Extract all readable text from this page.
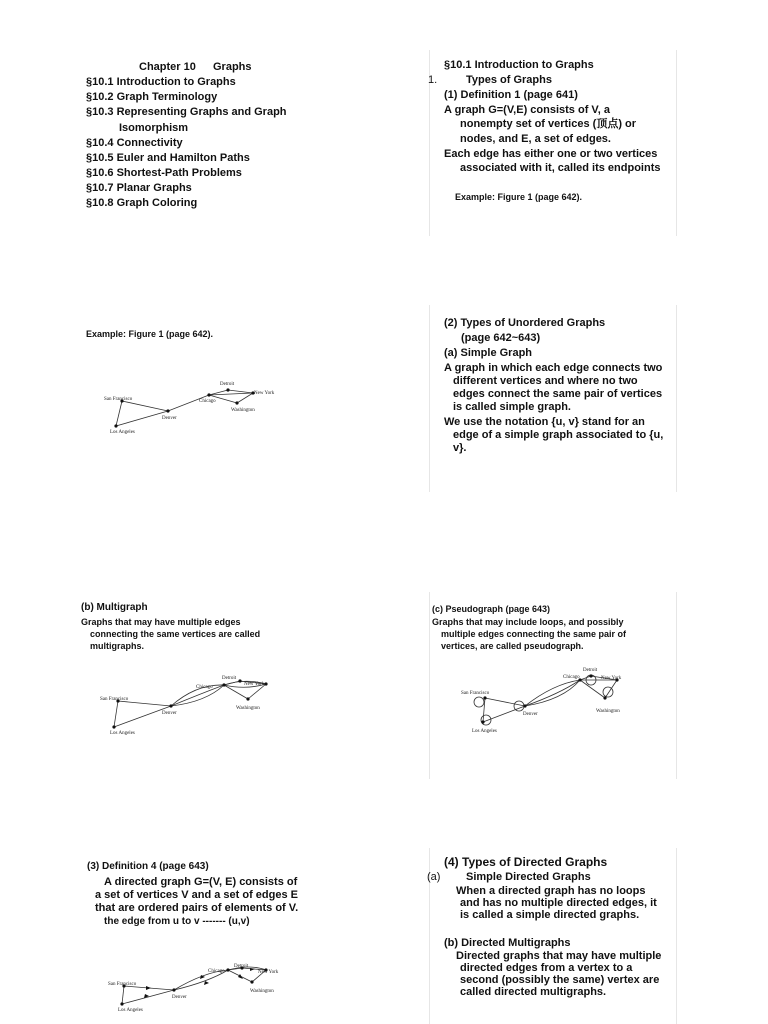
Chapter 10 Graphs
§10.1 Introduction to Graphs
§10.2 Graph Terminology
§10.3 Representing Graphs and Graph
Isomorphism
§10.4 Connectivity
§10.5 Euler and Hamilton Paths
§10.6 Shortest-Path Problems
§10.7 Planar Graphs
§10.8 Graph Coloring
§10.1 Introduction to Graphs
1.	Types of Graphs
(1) Definition 1 (page 641)
A graph G=(V,E) consists of V, a
nonempty set of vertices (顶点) or
nodes, and E, a set of edges.
Each edge has either one or two vertices
associated with it, called its endpoints
Example: Figure 1 (page 642).
Example: Figure 1 (page 642).
San Francisco
Los Angeles
Denver
Chicago
Detroit
New York
Washington
(2) Types of Unordered Graphs
(page 642~643)
(a) Simple Graph
A graph in which each edge connects two
different vertices and where no two
edges connect the same pair of vertices
is called simple graph.
We use the notation {u, v} stand for an
edge of a simple graph associated to {u,
v}.
(b) Multigraph
Graphs that may have multiple edges
connecting the same vertices are called
multigraphs.
San Francisco
Los Angeles
Denver
Chicago
Detroit
New York
Washington
(c) Pseudograph (page 643)
Graphs that may include loops, and possibly
multiple edges connecting the same pair of
vertices, are called pseudograph.
San Francisco
Los Angeles
Denver
Chicago
Detroit
New York
Washington
(3) Definition 4 (page 643)
A directed graph G=(V, E) consists of
a set of vertices V and a set of edges E
that are ordered pairs of elements of V.
the edge from u to v ------- (u,v)
San Francisco
Los Angeles
Denver
Chicago
Detroit
New York
Washington
(4) Types of Directed Graphs
(a) Simple Directed Graphs
When a directed graph has no loops
and has no multiple directed edges, it
is called a simple directed graphs.
(b) Directed Multigraphs
Directed graphs that may have multiple
directed edges from a vertex to a
second (possibly the same) vertex are
called directed multigraphs.
